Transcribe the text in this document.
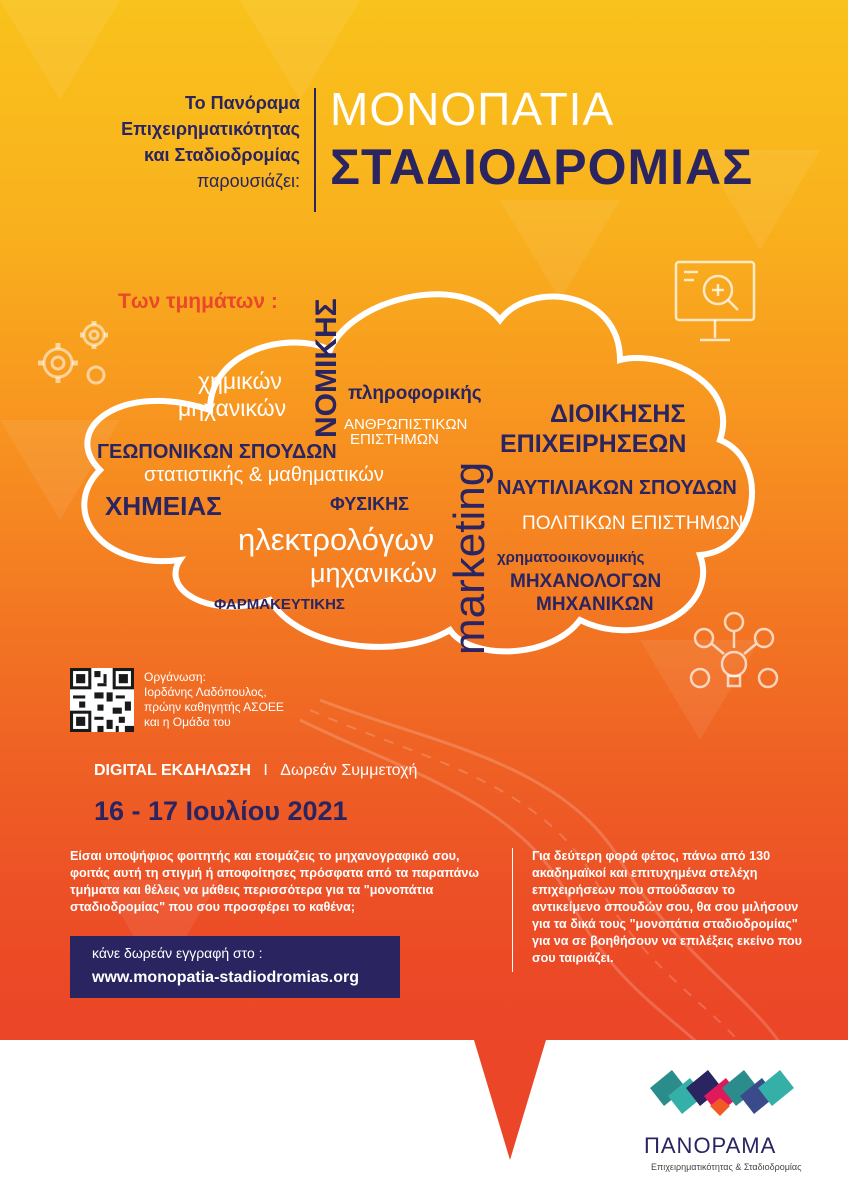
Το Πανόραμα
Επιχειρηματικότητας
και Σταδιοδρομίας
παρουσιάζει:
ΜΟΝΟΠΑΤΙΑ
ΣΤΑΔΙΟΔΡΟΜΙΑΣ
Των τμημάτων : ΝΟΜΙΚΗΣ
χημικών
μηχανικών
πληροφορικής
ΑΝΘΡΩΠΙΣΤΙΚΩΝ
ΕΠΙΣΤΗΜΩΝ
ΔΙΟΙΚΗΣΗΣ
ΕΠΙΧΕΙΡΗΣΕΩΝ
ΓΕΩΠΟΝΙΚΩΝ ΣΠΟΥΔΩΝ
στατιστικής & μαθηματικών
ΧΗΜΕΙΑΣ	ΦΥΣΙΚΗΣ marketing ΝΑΥΤΙΛΙΑΚΩΝ ΣΠΟΥΔΩΝ
ΠΟΛΙΤΙΚΩΝ ΕΠΙΣΤΗΜΩΝ
ηλεκτρολόγων
μηχανικών
χρηματοοικονομικής
ΦΑΡΜΑΚΕΥΤΙΚΗΣ
ΜΗΧΑΝΟΛΟΓΩΝ
ΜΗΧΑΝΙΚΩΝ
Οργάνωση:
Ιορδάνης Λαδόπουλος,
πρώην καθηγητής ΑΣΟΕΕ
και η Ομάδα του
DIGITAL ΕΚΔΗΛΩΣΗ I Δωρεάν Συμμετοχή
16 - 17 Ιουλίου 2021
Είσαι υποψήφιος φοιτητής και ετοιμάζεις το μηχανογραφικό σου, φοιτάς αυτή τη στιγμή ή αποφοίτησες πρόσφατα από τα παραπάνω τμήματα και θέλεις να μάθεις περισσότερα για τα "μονοπάτια σταδιοδρομίας" που σου προσφέρει το καθένα;
Για δεύτερη φορά φέτος, πάνω από 130 ακαδημαϊκοί και επιτυχημένα στελέχη επιχειρήσεων που σπούδασαν το αντικείμενο σπουδών σου, θα σου μιλήσουν για τα δικά τους "μονοπάτια σταδιοδρομίας" για να σε βοηθήσουν να επιλέξεις εκείνο που σου ταιριάζει.
κάνε δωρεάν εγγραφή στο :
www.monopatia-stadiodromias.org
ΠΑΝΟΡΑΜΑ
Επιχειρηματικότητας & Σταδιοδρομίας
